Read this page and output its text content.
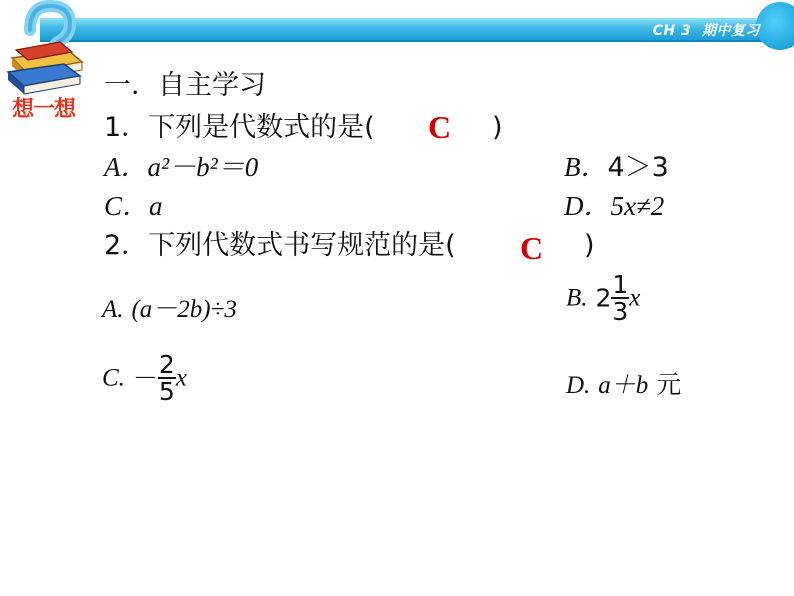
CH 3 期中复习
想一想
一．自主学习
1．下列是代数式的是( C )
A．a²－b²＝0	B．4＞3
C．a	D．5x≠2
2．下列代数式书写规范的是( C )
A. (a－2b)÷3	B. $2 \frac{1}{3}$ x
C. － $\frac{2}{5}$ x	D. a＋b 元
